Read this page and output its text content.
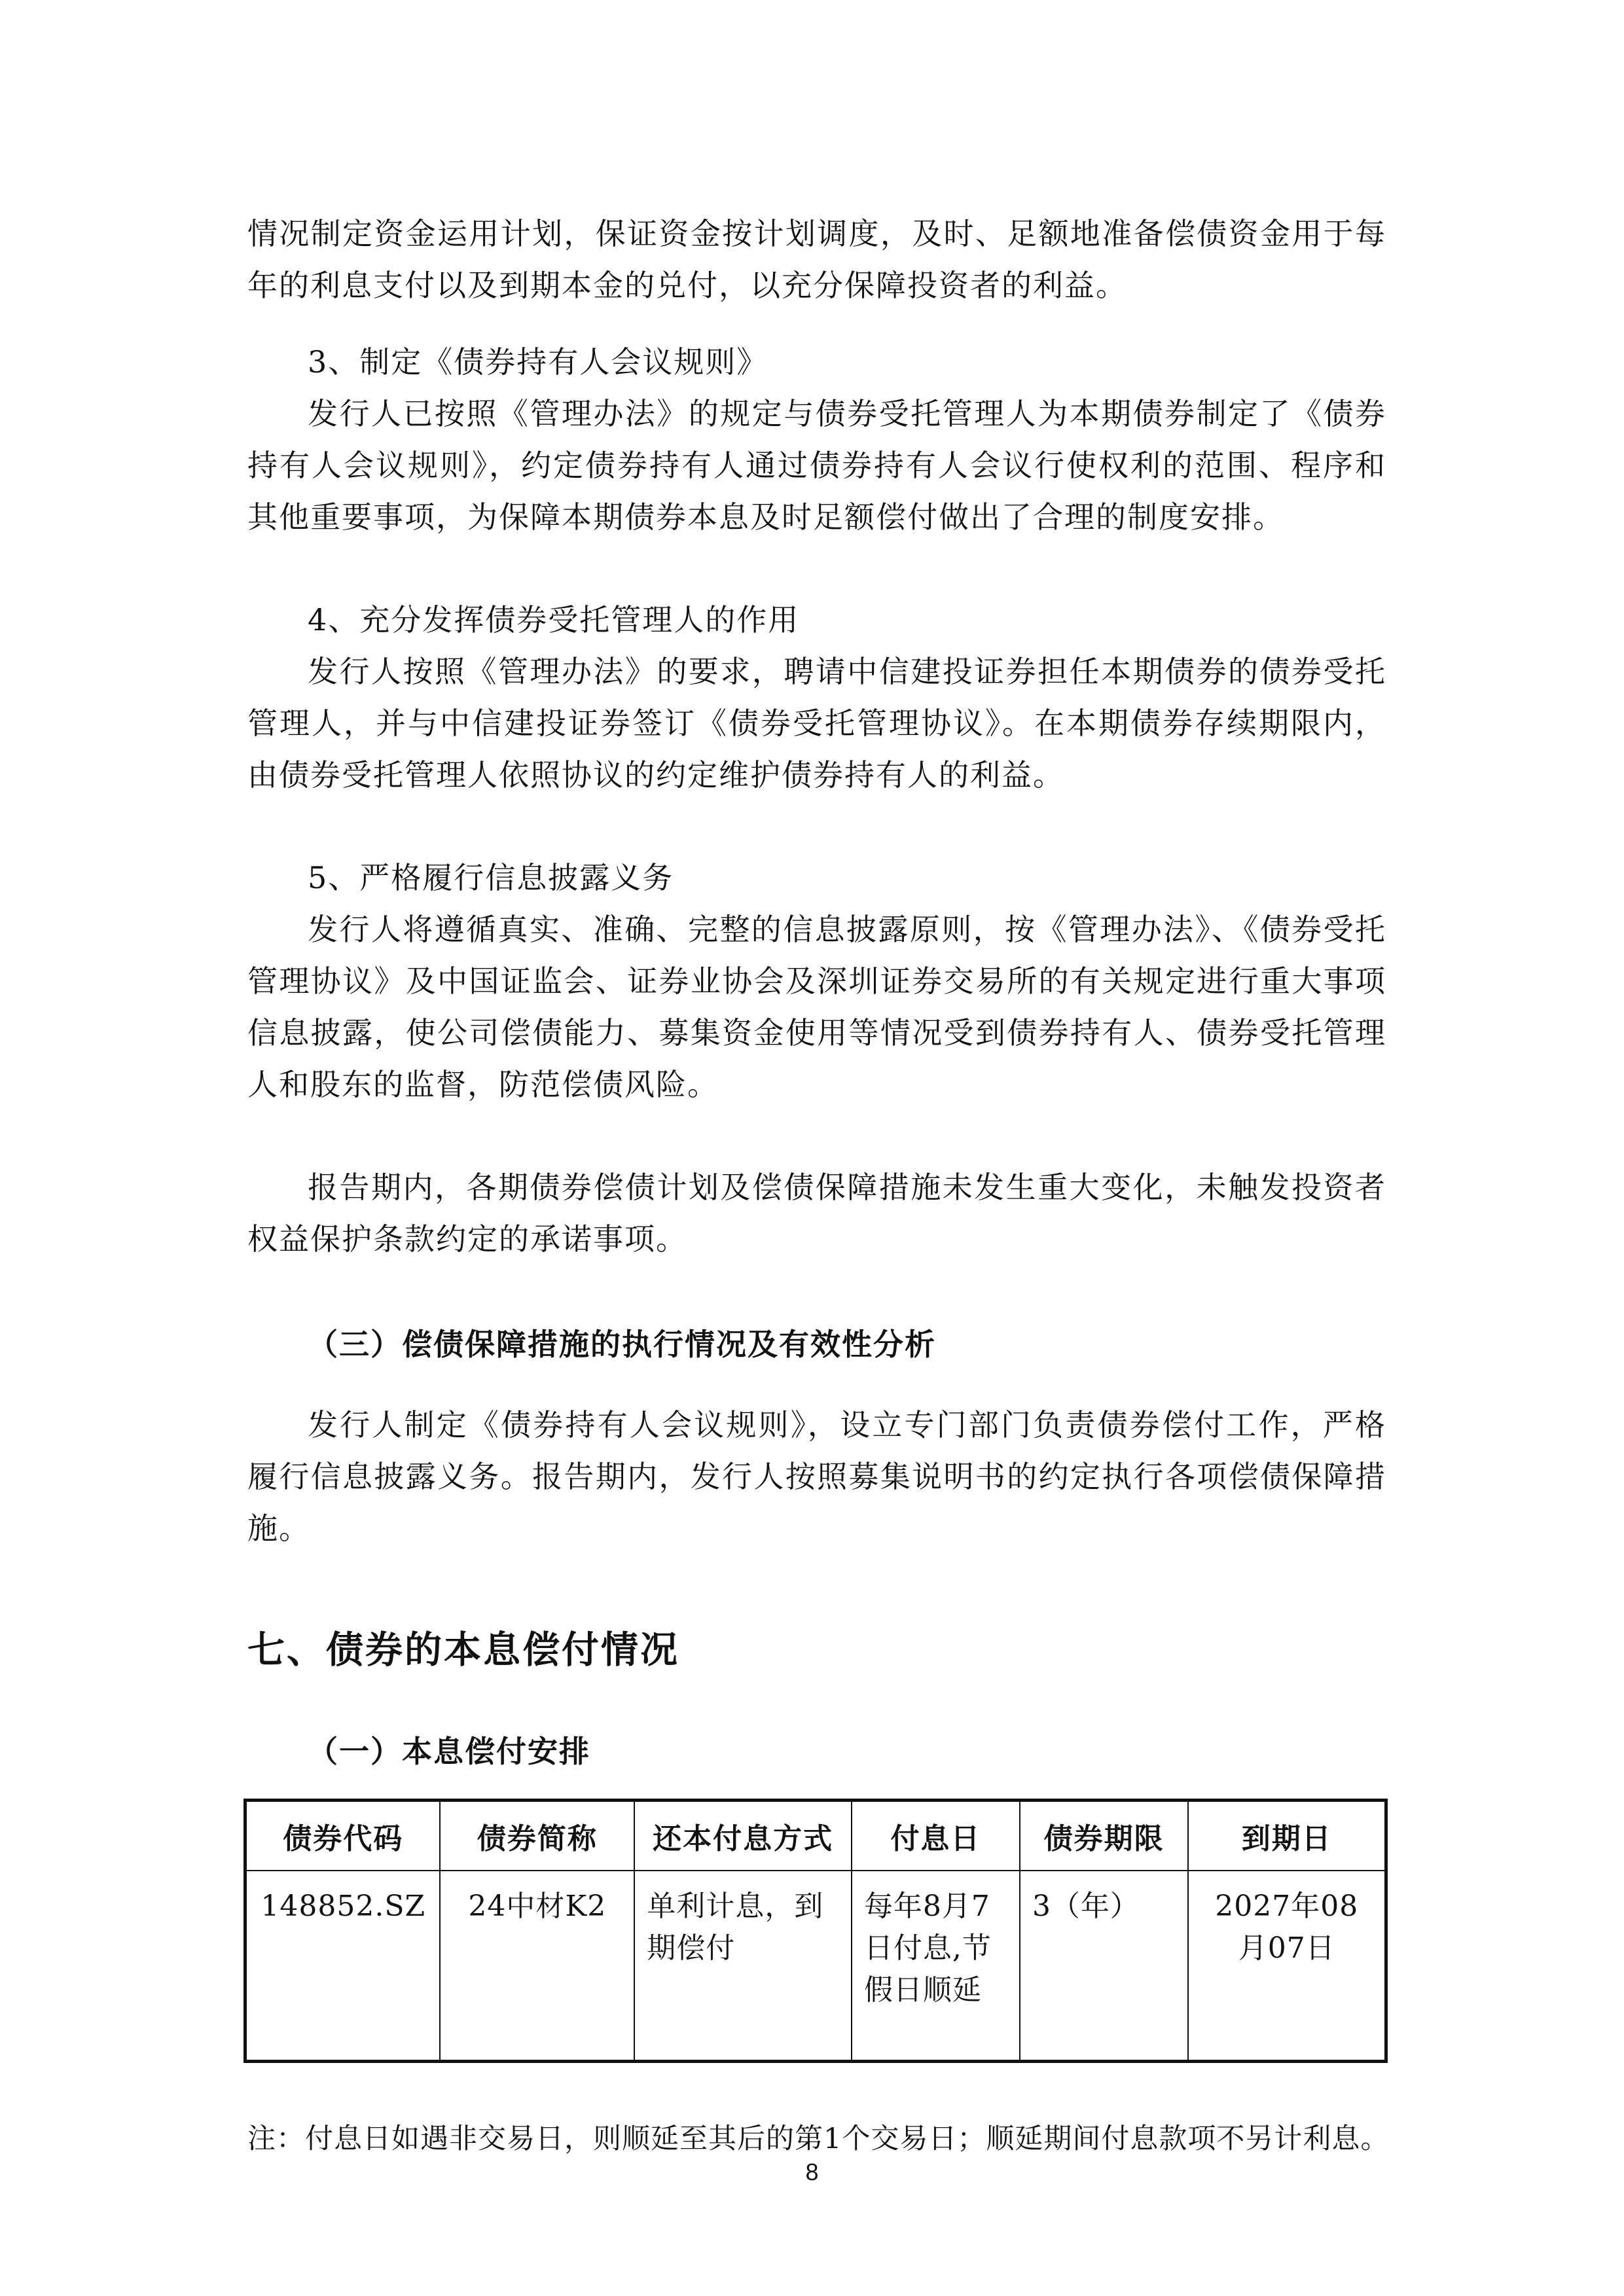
情况制定资金运用计划，保证资金按计划调度，及时、足额地准备偿债资金用于每年的利息支付以及到期本金的兑付，以充分保障投资者的利益。

3、制定《债券持有人会议规则》

发行人已按照《管理办法》的规定与债券受托管理人为本期债券制定了《债券持有人会议规则》，约定债券持有人通过债券持有人会议行使权利的范围、程序和其他重要事项，为保障本期债券本息及时足额偿付做出了合理的制度安排。

4、充分发挥债券受托管理人的作用

发行人按照《管理办法》的要求，聘请中信建投证券担任本期债券的债券受托管理人，并与中信建投证券签订《债券受托管理协议》。在本期债券存续期限内，由债券受托管理人依照协议的约定维护债券持有人的利益。

5、严格履行信息披露义务

发行人将遵循真实、准确、完整的信息披露原则，按《管理办法》、《债券受托管理协议》及中国证监会、证券业协会及深圳证券交易所的有关规定进行重大事项信息披露，使公司偿债能力、募集资金使用等情况受到债券持有人、债券受托管理人和股东的监督，防范偿债风险。

报告期内，各期债券偿债计划及偿债保障措施未发生重大变化，未触发投资者权益保护条款约定的承诺事项。

（三）偿债保障措施的执行情况及有效性分析

发行人制定《债券持有人会议规则》，设立专门部门负责债券偿付工作，严格履行信息披露义务。报告期内，发行人按照募集说明书的约定执行各项偿债保障措施。

七、债券的本息偿付情况

（一）本息偿付安排

债券代码	债券简称	还本付息方式	付息日	债券期限	到期日
148852.SZ	24中材K2	单利计息，到期偿付	每年8月7日付息,节假日顺延	3（年）	2027年08月07日

注：付息日如遇非交易日，则顺延至其后的第1个交易日；顺延期间付息款项不另计利息。

8
